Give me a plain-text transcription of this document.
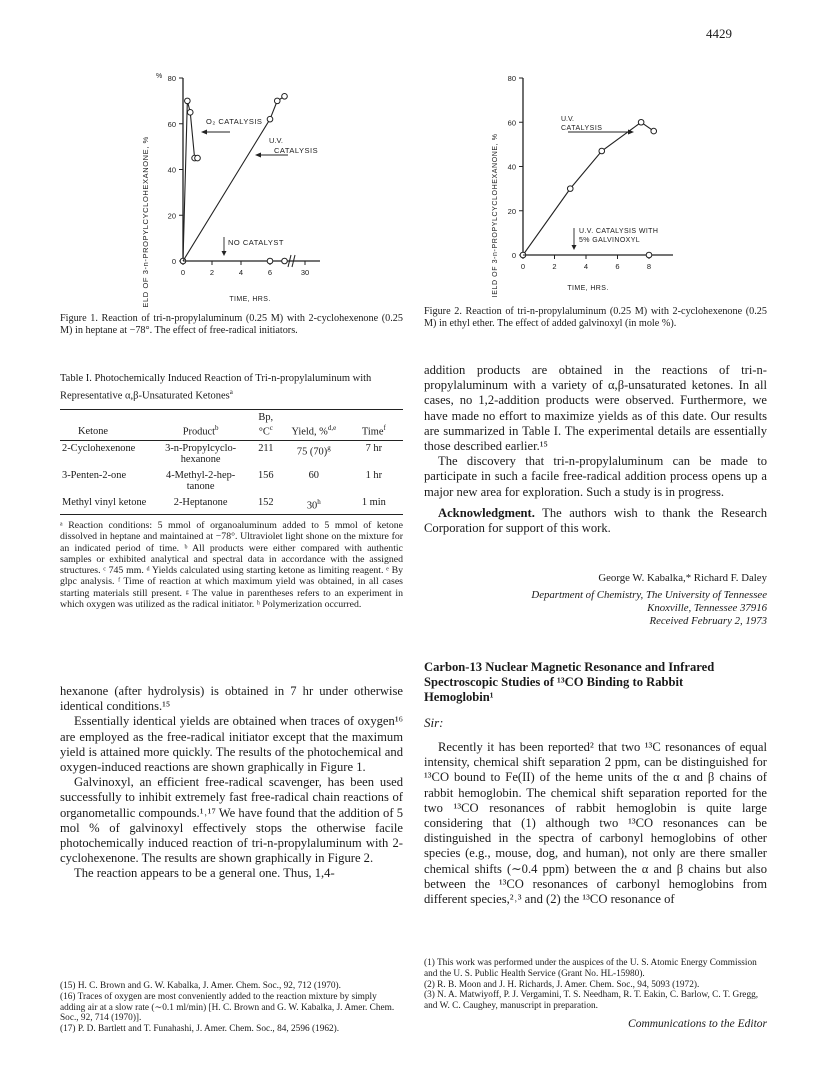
4429
YIELD OF 3-n-PROPYLCYCLOHEXANONE, %
%
0
20
40
60
80
0	2	4	6	30
O₂ CATALYSIS
U.V.
CATALYSIS
NO CATALYST
TIME, HRS.
Figure 1. Reaction of tri-n-propylaluminum (0.25 M) with 2-cyclohexenone (0.25 M) in heptane at −78°. The effect of free-radical initiators.
YIELD OF 3-n-PROPYLCYCLOHEXANONE, % 0
20
40
60
80
0	2	4	6	8
U.V.
CATALYSIS
U.V. CATALYSIS WITH
5% GALVINOXYL
TIME, HRS.
Figure 2. Reaction of tri-n-propylaluminum (0.25 M) with 2-cyclohexenone (0.25 M) in ethyl ether. The effect of added galvinoxyl (in mole %).
Table I. Photochemically Induced Reaction of Tri-n-propylaluminum with Representative α,β-Unsaturated Ketones$^a$
Ketone	Product$^b$	Bp, $^\circ C^c$	Yield, %$^{d,e}$	Time$^f$
2-Cyclohexenone	3-n-Propylcyclo-hexanone	211	75 $(70)^g$	7 hr
3-Penten-2-one	4-Methyl-2-hep-tanone	156	60	1 hr
Methyl vinyl ketone	2-Heptanone	152	30$^h$	1 min
ᵃ Reaction conditions: 5 mmol of organoaluminum added to 5 mmol of ketone dissolved in heptane and maintained at −78°. Ultraviolet light shone on the mixture for an indicated period of time. ᵇ All products were either compared with authentic samples or exhibited analytical and spectral data in accordance with the assigned structures. ᶜ 745 mm. ᵈ Yields calculated using starting ketone as limiting reagent. ᵉ By glpc analysis. ᶠ Time of reaction at which maximum yield was obtained, in all cases starting materials still present. ᵍ The value in parentheses refers to an experiment in which oxygen was utilized as the radical initiator. ʰ Polymerization occurred.

hexanone (after hydrolysis) is obtained in 7 hr under otherwise identical conditions.¹⁵

Essentially identical yields are obtained when traces of oxygen¹⁶ are employed as the free-radical initiator except that the maximum yield is attained more quickly. The results of the photochemical and oxygen-induced reactions are shown graphically in Figure 1.

Galvinoxyl, an efficient free-radical scavenger, has been used successfully to inhibit extremely fast free-radical chain reactions of organometallic compounds.¹˒¹⁷ We have found that the addition of 5 mol % of galvinoxyl effectively stops the otherwise facile photochemically induced reaction of tri-n-propylaluminum with 2-cyclohexenone. The results are shown graphically in Figure 2.

The reaction appears to be a general one. Thus, 1,4-

(15) H. C. Brown and G. W. Kabalka, J. Amer. Chem. Soc., 92, 712 (1970).

(16) Traces of oxygen are most conveniently added to the reaction mixture by simply adding air at a slow rate (∼0.1 ml/min) [H. C. Brown and G. W. Kabalka, J. Amer. Chem. Soc., 92, 714 (1970)].

(17) P. D. Bartlett and T. Funahashi, J. Amer. Chem. Soc., 84, 2596 (1962).

addition products are obtained in the reactions of tri-n-propylaluminum with a variety of α,β-unsaturated ketones. In all cases, no 1,2-addition products were observed. Furthermore, we have made no effort to maximize yields as of this date. Our results are summarized in Table I. The experimental details are essentially those described earlier.¹⁵

The discovery that tri-n-propylaluminum can be made to participate in such a facile free-radical addition process opens up a major new area for exploration. Such a study is in progress.

Acknowledgment. The authors wish to thank the Research Corporation for support of this work.

George W. Kabalka,* Richard F. Daley
Department of Chemistry, The University of Tennessee
Knoxville, Tennessee 37916
Received February 2, 1973
Carbon-13 Nuclear Magnetic Resonance and Infrared Spectroscopic Studies of ¹³CO Binding to Rabbit Hemoglobin¹
Sir:

Recently it has been reported² that two ¹³C resonances of equal intensity, chemical shift separation 2 ppm, can be distinguished for ¹³CO bound to Fe(II) of the heme units of the α and β chains of rabbit hemoglobin. The chemical shift separation reported for the two ¹³CO resonances of rabbit hemoglobin is quite large considering that (1) although two ¹³CO resonances can be distinguished in the spectra of carbonyl hemoglobins of other species (e.g., mouse, dog, and human), not only are there smaller chemical shifts (∼0.4 ppm) between the α and β chains but also between the ¹³CO resonances of carbonyl hemoglobins from different species,²˒³ and (2) the ¹³CO resonance of

(1) This work was performed under the auspices of the U. S. Atomic Energy Commission and the U. S. Public Health Service (Grant No. HL-15980).

(2) R. B. Moon and J. H. Richards, J. Amer. Chem. Soc., 94, 5093 (1972).

(3) N. A. Matwiyoff, P. J. Vergamini, T. S. Needham, R. T. Eakin, C. Barlow, C. T. Gregg, and W. C. Caughey, manuscript in preparation.

Communications to the Editor
